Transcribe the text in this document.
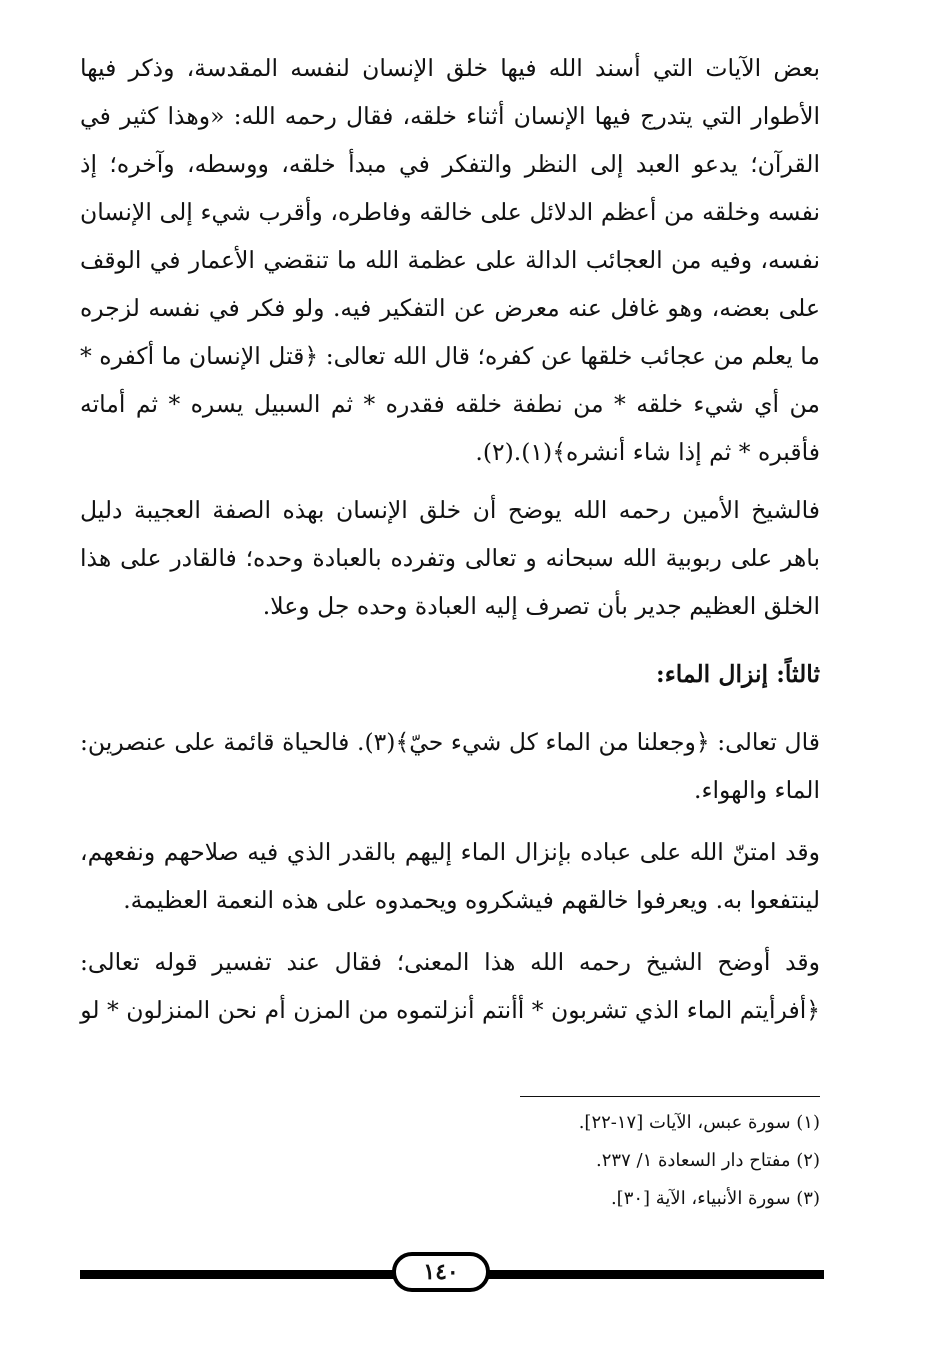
بعض الآيات التي أسند الله فيها خلق الإنسان لنفسه المقدسة، وذكر فيها الأطوار التي يتدرج فيها الإنسان أثناء خلقه، فقال رحمه الله: «وهذا كثير في القرآن؛ يدعو العبد إلى النظر والتفكر في مبدأ خلقه، ووسطه، وآخره؛ إذ نفسه وخلقه من أعظم الدلائل على خالقه وفاطره، وأقرب شيء إلى الإنسان نفسه، وفيه من العجائب الدالة على عظمة الله ما تنقضي الأعمار في الوقف على بعضه، وهو غافل عنه معرض عن التفكير فيه. ولو فكر في نفسه لزجره ما يعلم من عجائب خلقها عن كفره؛ قال الله تعالى: ﴿قتل الإنسان ما أكفره * من أي شيء خلقه * من نطفة خلقه فقدره * ثم السبيل يسره * ثم أماته فأقبره * ثم إذا شاء أنشره﴾(١).(٢).

فالشيخ الأمين رحمه الله يوضح أن خلق الإنسان بهذه الصفة العجيبة دليل باهر على ربوبية الله سبحانه و تعالى وتفرده بالعبادة وحده؛ فالقادر على هذا الخلق العظيم جدير بأن تصرف إليه العبادة وحده جل وعلا.

ثالثاً: إنزال الماء:

قال تعالى: ﴿وجعلنا من الماء كل شيء حيّ﴾(٣). فالحياة قائمة على عنصرين: الماء والهواء.

وقد امتنّ الله على عباده بإنزال الماء إليهم بالقدر الذي فيه صلاحهم ونفعهم، لينتفعوا به. ويعرفوا خالقهم فيشكروه ويحمدوه على هذه النعمة العظيمة.

وقد أوضح الشيخ رحمه الله هذا المعنى؛ فقال عند تفسير قوله تعالى: ﴿أفرأيتم الماء الذي تشربون * أأنتم أنزلتموه من المزن أم نحن المنزلون * لو

(١) سورة عبس، الآيات [١٧-٢٢].
(٢) مفتاح دار السعادة ١/ ٢٣٧.
(٣) سورة الأنبياء، الآية [٣٠].
١٤٠
